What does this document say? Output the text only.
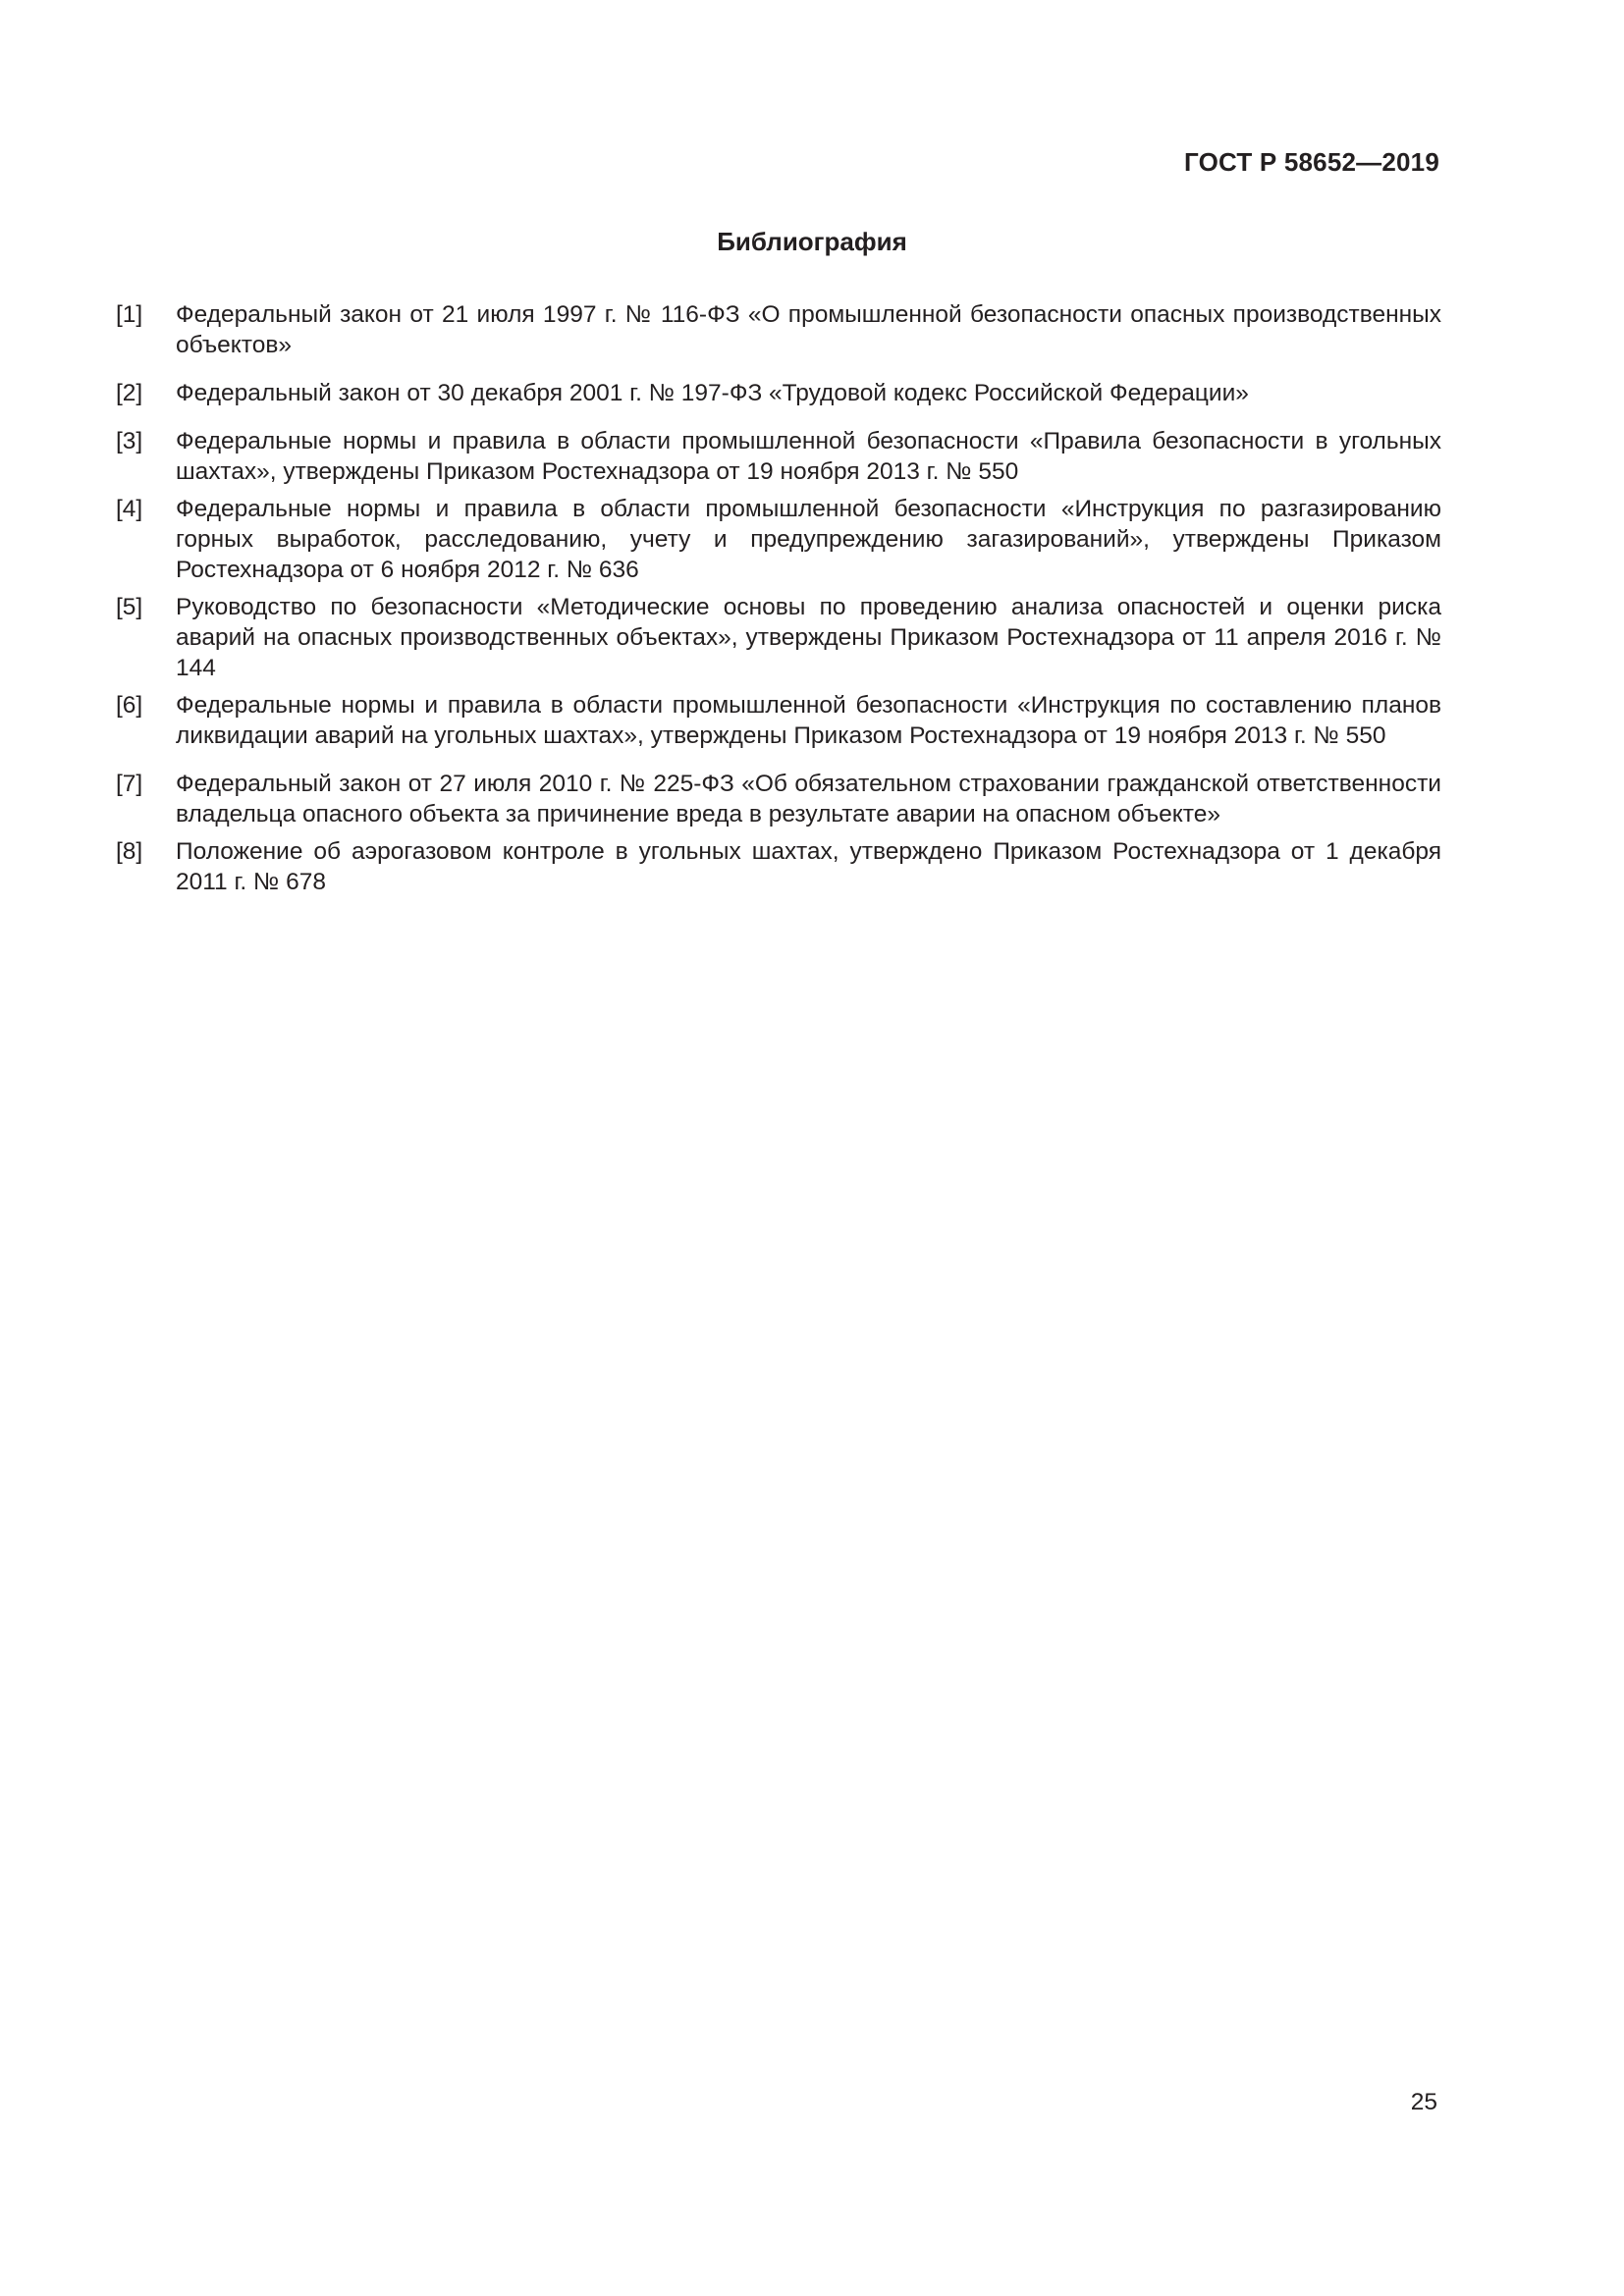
ГОСТ Р 58652—2019
Библиография
[1]	Федеральный закон от 21 июля 1997 г. № 116-ФЗ «О промышленной безопасности опасных производственных объектов»
[2]	Федеральный закон от 30 декабря 2001 г. № 197-ФЗ «Трудовой кодекс Российской Федерации»
[3]	Федеральные нормы и правила в области промышленной безопасности «Правила безопасности в угольных шахтах», утверждены Приказом Ростехнадзора от 19 ноября 2013 г. № 550
[4]	Федеральные нормы и правила в области промышленной безопасности «Инструкция по разгазированию горных выработок, расследованию, учету и предупреждению загазирований», утверждены Приказом Ростехнадзора от 6 ноября 2012 г. № 636
[5]	Руководство по безопасности «Методические основы по проведению анализа опасностей и оценки риска аварий на опасных производственных объектах», утверждены Приказом Ростехнадзора от 11 апреля 2016 г. № 144
[6]	Федеральные нормы и правила в области промышленной безопасности «Инструкция по составлению планов ликвидации аварий на угольных шахтах», утверждены Приказом Ростехнадзора от 19 ноября 2013 г. № 550
[7]	Федеральный закон от 27 июля 2010 г. № 225-ФЗ «Об обязательном страховании гражданской ответственности владельца опасного объекта за причинение вреда в результате аварии на опасном объекте»
[8]	Положение об аэрогазовом контроле в угольных шахтах, утверждено Приказом Ростехнадзора от 1 декабря 2011 г. № 678
25
